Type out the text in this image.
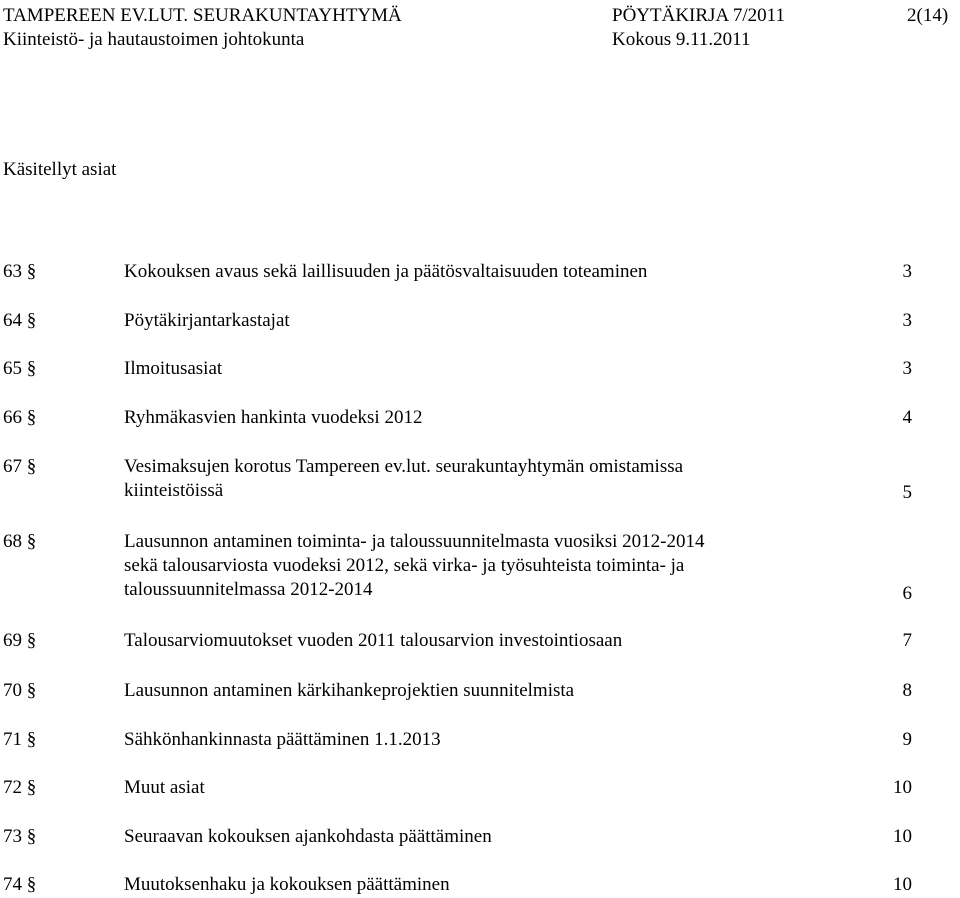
TAMPEREEN EV.LUT. SEURAKUNTAYHTYMÄ	PÖYTÄKIRJA 7/2011	2(14)
Kiinteistö- ja hautaustoimen johtokunta	Kokous 9.11.2011
Käsitellyt asiat
63 §	Kokouksen avaus sekä laillisuuden ja päätösvaltaisuuden toteaminen	3
64 §	Pöytäkirjantarkastajat	3
65 §	Ilmoitusasiat	3
66 §	Ryhmäkasvien hankinta vuodeksi 2012	4
67 §	Vesimaksujen korotus Tampereen ev.lut. seurakuntayhtymän omistamissa
kiinteistöissä	5
68 §	Lausunnon antaminen toiminta- ja taloussuunnitelmasta vuosiksi 2012-2014
sekä talousarviosta vuodeksi 2012, sekä virka- ja työsuhteista toiminta- ja
taloussuunnitelmassa 2012-2014	6
69 §	Talousarviomuutokset vuoden 2011 talousarvion investointiosaan	7
70 §	Lausunnon antaminen kärkihankeprojektien suunnitelmista	8
71 §	Sähkönhankinnasta päättäminen 1.1.2013	9
72 §	Muut asiat	10
73 §	Seuraavan kokouksen ajankohdasta päättäminen	10
74 §	Muutoksenhaku ja kokouksen päättäminen	10
